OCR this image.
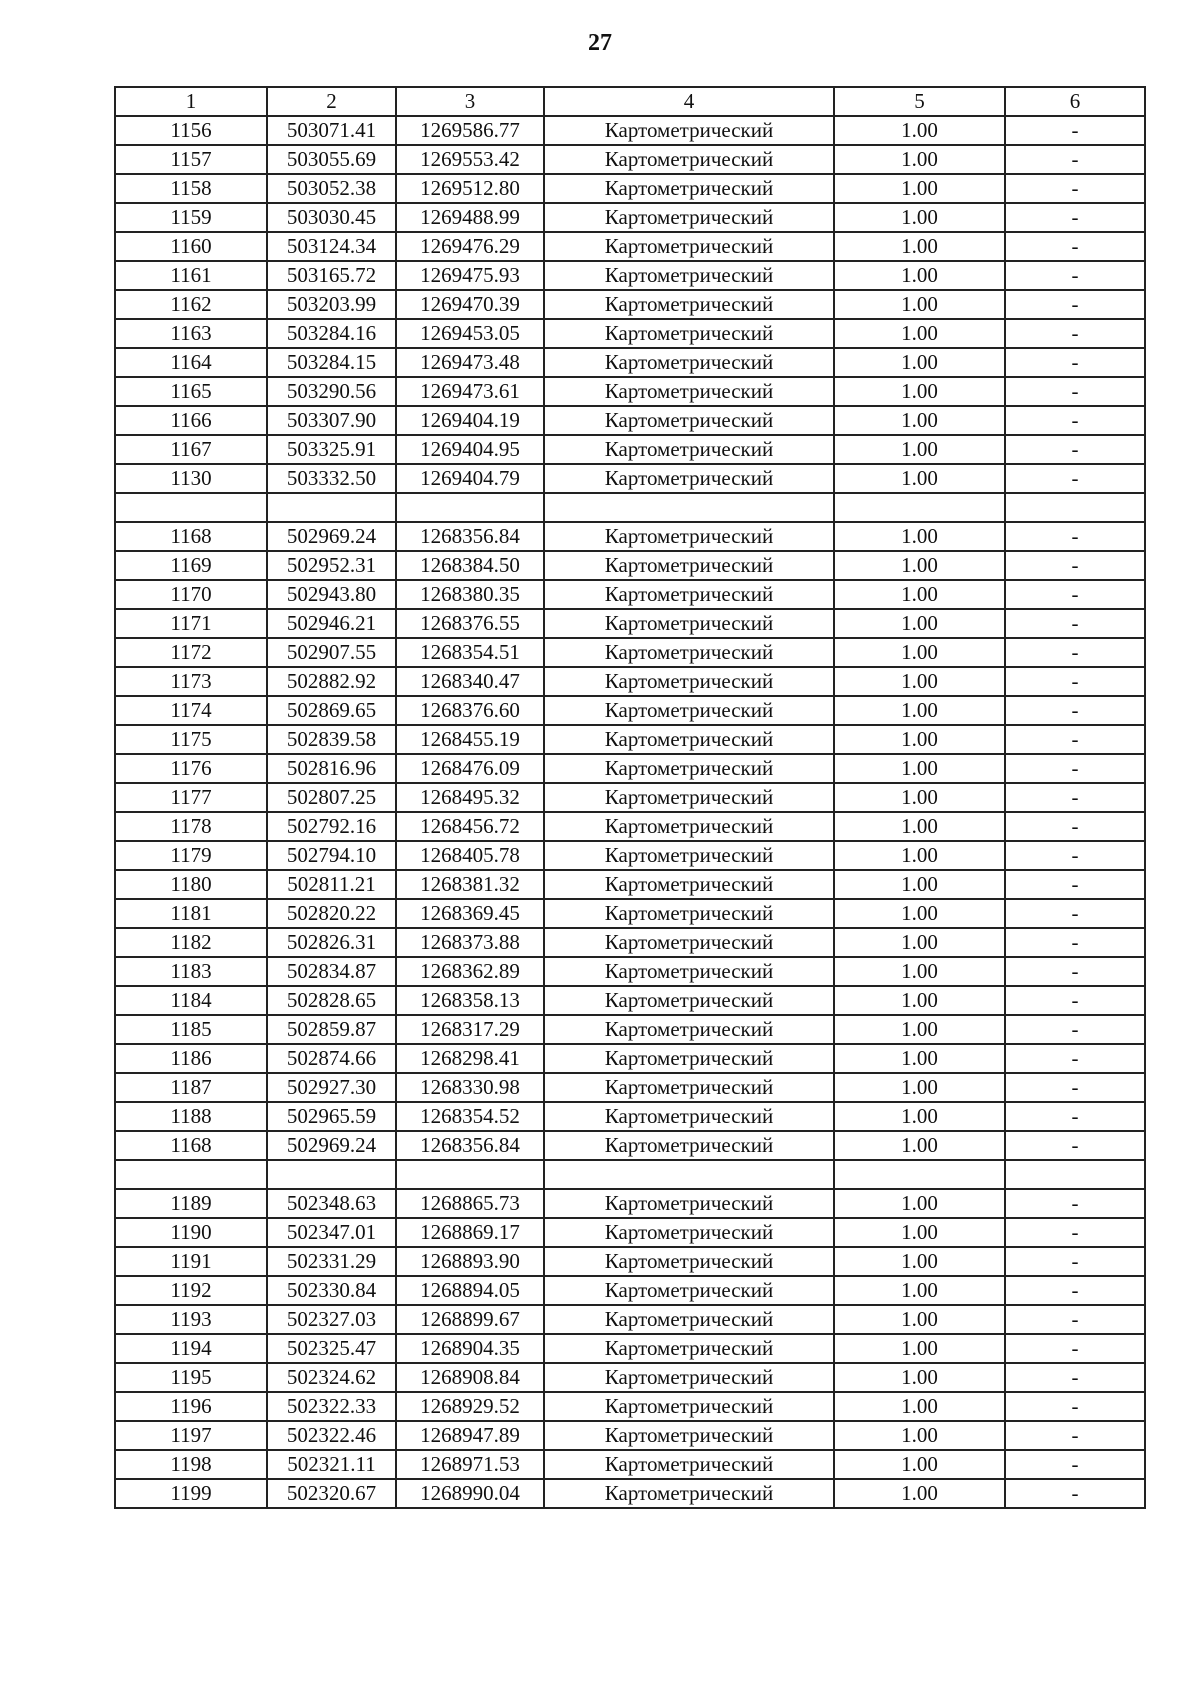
27
1	2	3	4	5	6
1156	503071.41	1269586.77	Картометрический	1.00	-
1157	503055.69	1269553.42	Картометрический	1.00	-
1158	503052.38	1269512.80	Картометрический	1.00	-
1159	503030.45	1269488.99	Картометрический	1.00	-
1160	503124.34	1269476.29	Картометрический	1.00	-
1161	503165.72	1269475.93	Картометрический	1.00	-
1162	503203.99	1269470.39	Картометрический	1.00	-
1163	503284.16	1269453.05	Картометрический	1.00	-
1164	503284.15	1269473.48	Картометрический	1.00	-
1165	503290.56	1269473.61	Картометрический	1.00	-
1166	503307.90	1269404.19	Картометрический	1.00	-
1167	503325.91	1269404.95	Картометрический	1.00	-
1130	503332.50	1269404.79	Картометрический	1.00	-

1168	502969.24	1268356.84	Картометрический	1.00	-
1169	502952.31	1268384.50	Картометрический	1.00	-
1170	502943.80	1268380.35	Картометрический	1.00	-
1171	502946.21	1268376.55	Картометрический	1.00	-
1172	502907.55	1268354.51	Картометрический	1.00	-
1173	502882.92	1268340.47	Картометрический	1.00	-
1174	502869.65	1268376.60	Картометрический	1.00	-
1175	502839.58	1268455.19	Картометрический	1.00	-
1176	502816.96	1268476.09	Картометрический	1.00	-
1177	502807.25	1268495.32	Картометрический	1.00	-
1178	502792.16	1268456.72	Картометрический	1.00	-
1179	502794.10	1268405.78	Картометрический	1.00	-
1180	502811.21	1268381.32	Картометрический	1.00	-
1181	502820.22	1268369.45	Картометрический	1.00	-
1182	502826.31	1268373.88	Картометрический	1.00	-
1183	502834.87	1268362.89	Картометрический	1.00	-
1184	502828.65	1268358.13	Картометрический	1.00	-
1185	502859.87	1268317.29	Картометрический	1.00	-
1186	502874.66	1268298.41	Картометрический	1.00	-
1187	502927.30	1268330.98	Картометрический	1.00	-
1188	502965.59	1268354.52	Картометрический	1.00	-
1168	502969.24	1268356.84	Картометрический	1.00	-

1189	502348.63	1268865.73	Картометрический	1.00	-
1190	502347.01	1268869.17	Картометрический	1.00	-
1191	502331.29	1268893.90	Картометрический	1.00	-
1192	502330.84	1268894.05	Картометрический	1.00	-
1193	502327.03	1268899.67	Картометрический	1.00	-
1194	502325.47	1268904.35	Картометрический	1.00	-
1195	502324.62	1268908.84	Картометрический	1.00	-
1196	502322.33	1268929.52	Картометрический	1.00	-
1197	502322.46	1268947.89	Картометрический	1.00	-
1198	502321.11	1268971.53	Картометрический	1.00	-
1199	502320.67	1268990.04	Картометрический	1.00	-
